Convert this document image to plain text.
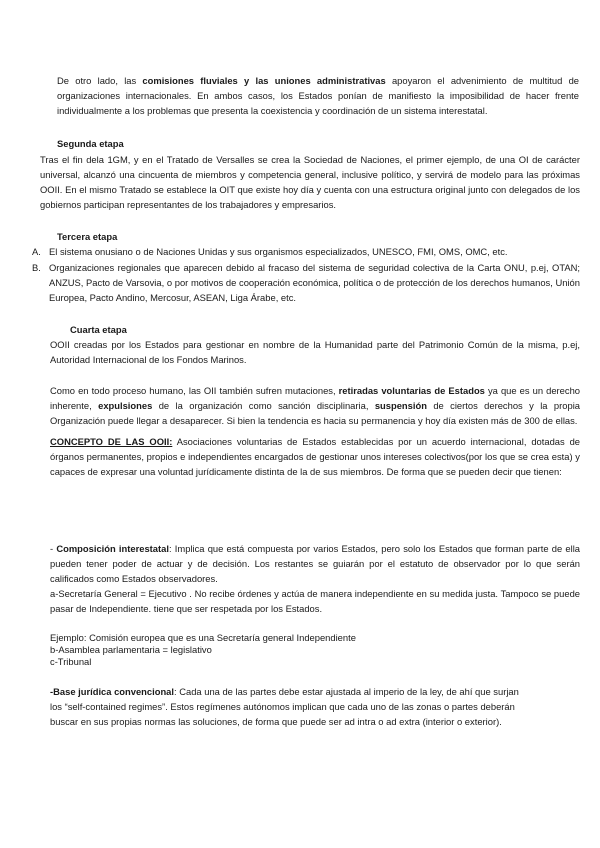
De otro lado, las comisiones fluviales y las uniones administrativas apoyaron el advenimiento de multitud de organizaciones internacionales. En ambos casos, los Estados ponían de manifiesto la imposibilidad de hacer frente individualmente a los problemas que presenta la coexistencia y coordinación de un sistema interestatal.

Segunda etapa
Tras el fin dela 1GM, y en el Tratado de Versalles se crea la Sociedad de Naciones, el primer ejemplo, de una OI de carácter universal, alcanzó una cincuenta de miembros y competencia general, inclusive político, y servirá de modelo para las próximas OOII. En el mismo Tratado se establece la OIT que existe hoy día y cuenta con una estructura original junto con delegados de los gobiernos participan representantes de los trabajadores y empresarios.
Tercera etapa
A. El sistema onusiano o de Naciones Unidas y sus organismos especializados, UNESCO, FMI, OMS, OMC, etc.
B. Organizaciones regionales que aparecen debido al fracaso del sistema de seguridad colectiva de la Carta ONU, p.ej, OTAN; ANZUS, Pacto de Varsovia, o por motivos de cooperación económica, política o de protección de los derechos humanos, Unión Europea, Pacto Andino, Mercosur, ASEAN, Liga Árabe, etc.
Cuarta etapa
OOII creadas por los Estados para gestionar en nombre de la Humanidad parte del Patrimonio Común de la misma, p.ej, Autoridad Internacional de los Fondos Marinos.

Como en todo proceso humano, las OII también sufren mutaciones, retiradas voluntarias de Estados ya que es un derecho inherente, expulsiones de la organización como sanción disciplinaria, suspensión de ciertos derechos y la propia Organización puede llegar a desaparecer. Si bien la tendencia es hacia su permanencia y hoy día existen más de 300 de ellas.

CONCEPTO DE LAS OOII: Asociaciones voluntarias de Estados establecidas por un acuerdo internacional, dotadas de órganos permanentes, propios e independientes encargados de gestionar unos intereses colectivos(por los que se crea esta) y capaces de expresar una voluntad jurídicamente distinta de la de sus miembros. De forma que se pueden decir que tienen:

- Composición interestatal: Implica que está compuesta por varios Estados, pero solo los Estados que forman parte de ella pueden tener poder de actuar y de decisión. Los restantes se guiarán por el estatuto de observador por lo que serán calificados como Estados observadores.

a-Secretaría General = Ejecutivo . No recibe órdenes y actúa de manera independiente en su medida justa. Tampoco se puede pasar de Independiente. tiene que ser respetada por los Estados.

Ejemplo: Comisión europea que es una Secretaría general Independiente

b-Asamblea parlamentaria = legislativo

c-Tribunal

-Base jurídica convencional: Cada una de las partes debe estar ajustada al imperio de la ley, de ahí que surjan

los “self-contained regimes”. Estos regímenes autónomos implican que cada uno de las zonas o partes deberán

buscar en sus propias normas las soluciones, de forma que puede ser ad intra o ad extra (interior o exterior).
